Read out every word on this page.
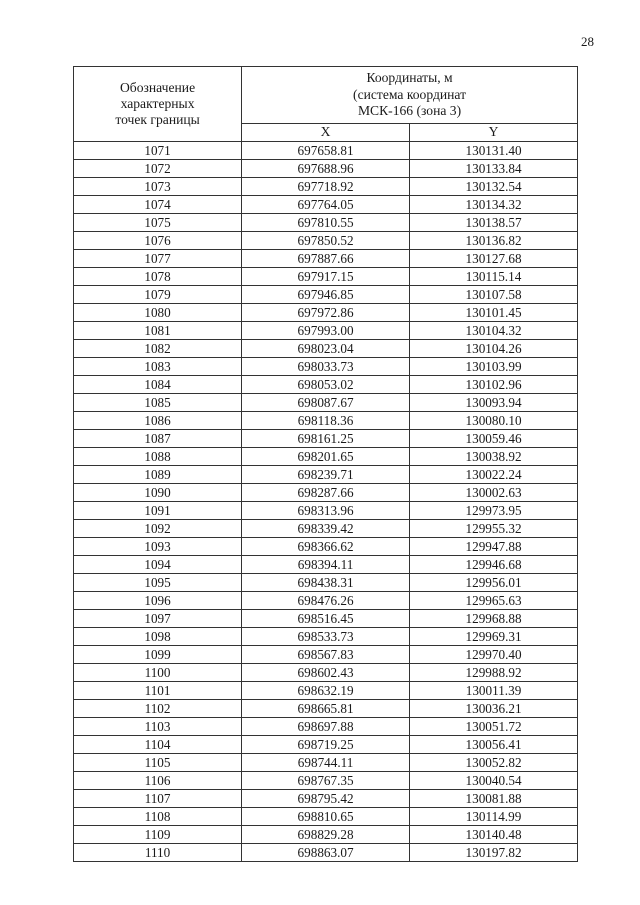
28
Обозначение
характерных
точек границы	Координаты, м
(система координат
МСК-166 (зона 3)	
	X	Y
1071	697658.81	130131.40
1072	697688.96	130133.84
1073	697718.92	130132.54
1074	697764.05	130134.32
1075	697810.55	130138.57
1076	697850.52	130136.82
1077	697887.66	130127.68
1078	697917.15	130115.14
1079	697946.85	130107.58
1080	697972.86	130101.45
1081	697993.00	130104.32
1082	698023.04	130104.26
1083	698033.73	130103.99
1084	698053.02	130102.96
1085	698087.67	130093.94
1086	698118.36	130080.10
1087	698161.25	130059.46
1088	698201.65	130038.92
1089	698239.71	130022.24
1090	698287.66	130002.63
1091	698313.96	129973.95
1092	698339.42	129955.32
1093	698366.62	129947.88
1094	698394.11	129946.68
1095	698438.31	129956.01
1096	698476.26	129965.63
1097	698516.45	129968.88
1098	698533.73	129969.31
1099	698567.83	129970.40
1100	698602.43	129988.92
1101	698632.19	130011.39
1102	698665.81	130036.21
1103	698697.88	130051.72
1104	698719.25	130056.41
1105	698744.11	130052.82
1106	698767.35	130040.54
1107	698795.42	130081.88
1108	698810.65	130114.99
1109	698829.28	130140.48
1110	698863.07	130197.82
